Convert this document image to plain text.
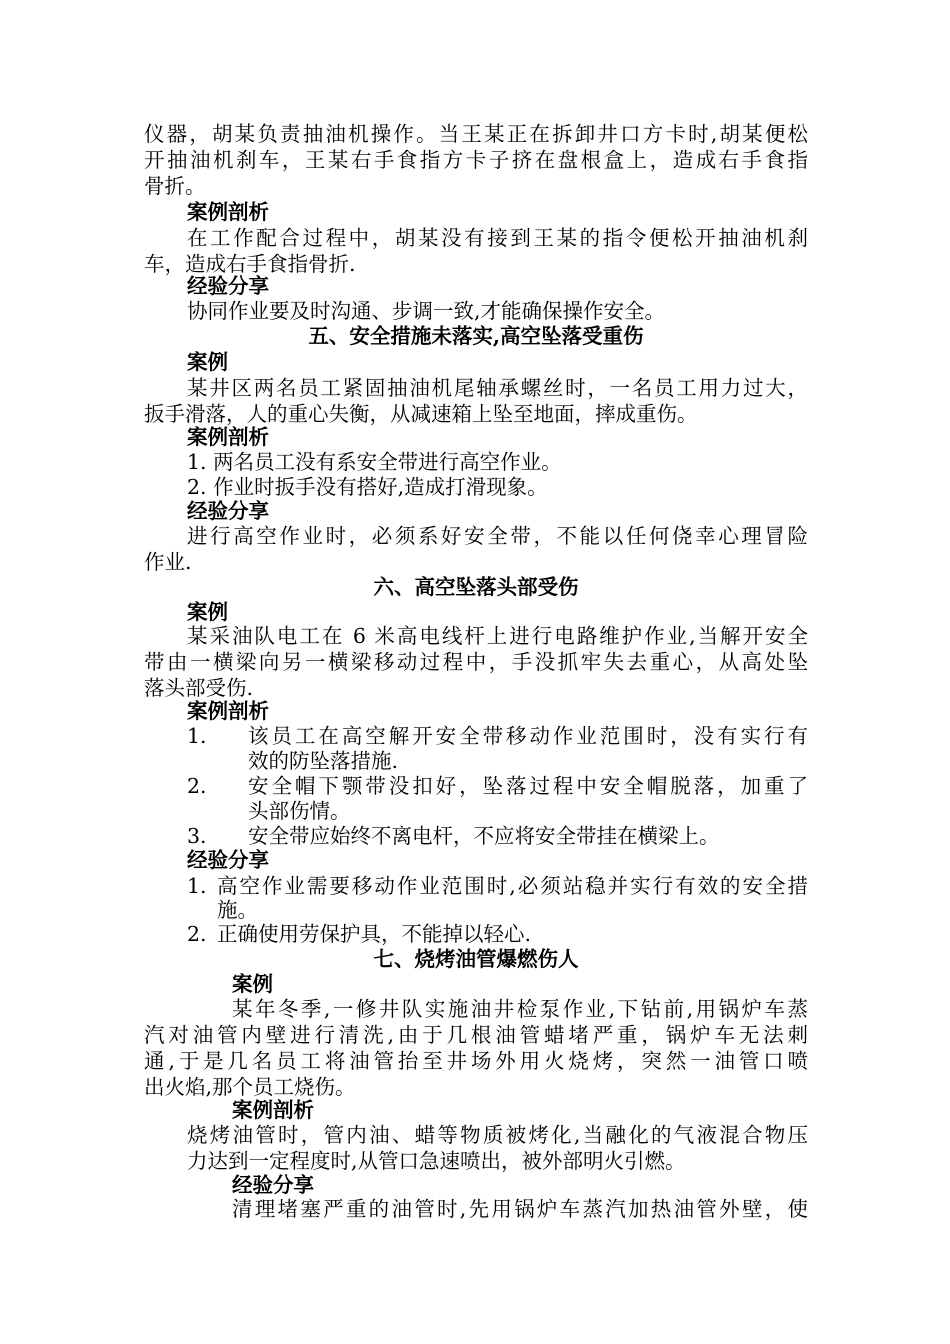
仪器，胡某负责抽油机操作。当王某正在拆卸井口方卡时,胡某便松
开抽油机刹车，王某右手食指方卡子挤在盘根盒上，造成右手食指
骨折。
案例剖析
在工作配合过程中，胡某没有接到王某的指令便松开抽油机刹
车，造成右手食指骨折.
经验分享
协同作业要及时沟通、步调一致,才能确保操作安全。
五、安全措施未落实,高空坠落受重伤
案例
某井区两名员工紧固抽油机尾轴承螺丝时，一名员工用力过大，
扳手滑落，人的重心失衡，从减速箱上坠至地面，摔成重伤。
案例剖析
1. 两名员工没有系安全带进行高空作业。
2. 作业时扳手没有搭好,造成打滑现象。
经验分享
进行高空作业时，必须系好安全带，不能以任何侥幸心理冒险
作业.
六、高空坠落头部受伤
案例
某采油队电工在 6 米高电线杆上进行电路维护作业,当解开安全
带由一横梁向另一横梁移动过程中，手没抓牢失去重心，从高处坠
落头部受伤.
案例剖析
1. 该员工在高空解开安全带移动作业范围时，没有实行有
效的防坠落措施.
2. 安全帽下颚带没扣好，坠落过程中安全帽脱落，加重了
头部伤情。
3. 安全带应始终不离电杆，不应将安全带挂在横梁上。
经验分享
1. 高空作业需要移动作业范围时,必须站稳并实行有效的安全措
施。
2. 正确使用劳保护具，不能掉以轻心.
七、烧烤油管爆燃伤人
案例
某年冬季,一修井队实施油井检泵作业,下钻前,用锅炉车蒸
汽对油管内壁进行清洗,由于几根油管蜡堵严重，锅炉车无法刺
通,于是几名员工将油管抬至井场外用火烧烤，突然一油管口喷
出火焰,那个员工烧伤。
案例剖析
烧烤油管时，管内油、蜡等物质被烤化,当融化的气液混合物压
力达到一定程度时,从管口急速喷出，被外部明火引燃。
经验分享
清理堵塞严重的油管时,先用锅炉车蒸汽加热油管外壁，使
